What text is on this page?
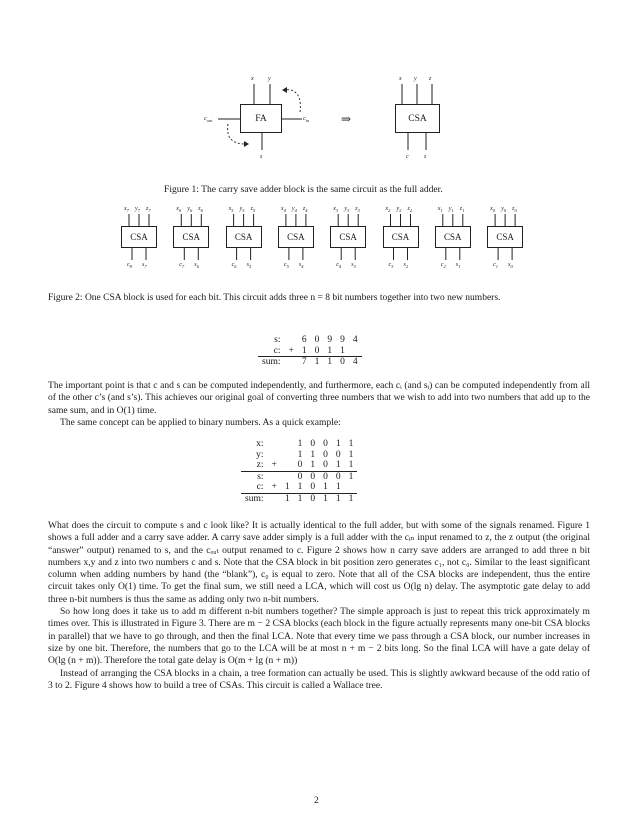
x y
FA
$c_{out}$	$c_{in}$
s
⇒
x y z
CSA
c	s
Figure 1: The carry save adder block is the same circuit as the full adder.
CSA
$x_7$ $y_7$ $z_7$
$c_8$ $s_7$
CSA
$x_6$ $y_6$ $z_6$
$c_7$ $s_6$
CSA
$x_5$ $y_5$ $z_5$
$c_6$ $s_5$
CSA
$x_4$ $y_4$ $z_4$
$c_5$ $s_4$
CSA
$x_3$ $y_3$ $z_3$
$c_4$ $s_3$
CSA
$x_2$ $y_2$ $z_2$
$c_3$ $s_2$
CSA
$x_1$ $y_1$ $z_1$
$c_2$ $s_1$
CSA
$x_0$ $y_0$ $z_0$
$c_1$ $s_0$
Figure 2: One CSA block is used for each bit. This circuit adds three n = 8 bit numbers together into two new numbers.
s:		6	0	9	9	4
c:	+	1	0	1	1	
sum:		7	1	1	0	4

The important point is that c and s can be computed independently, and furthermore, each cᵢ (and sᵢ) can be computed independently from all of the other c’s (and s’s). This achieves our original goal of converting three numbers that we wish to add into two numbers that add up to the same sum, and in O(1) time.

The same concept can be applied to binary numbers. As a quick example:

x:			1	0	0	1	1
y:			1	1	0	0	1
z:	+		0	1	0	1	1
s:			0	0	0	0	1
c:	+	1	1	0	1	1	
sum:		1	1	0	1	1	1

What does the circuit to compute s and c look like? It is actually identical to the full adder, but with some of the signals renamed. Figure 1 shows a full adder and a carry save adder. A carry save adder simply is a full adder with the cᵢₙ input renamed to z, the z output (the original “answer” output) renamed to s, and the cₒᵤₜ output renamed to c. Figure 2 shows how n carry save adders are arranged to add three n bit numbers x,y and z into two numbers c and s. Note that the CSA block in bit position zero generates c₁, not c₀. Similar to the least significant column when adding numbers by hand (the “blank”), c₀ is equal to zero. Note that all of the CSA blocks are independent, thus the entire circuit takes only O(1) time. To get the final sum, we still need a LCA, which will cost us O(lg n) delay. The asymptotic gate delay to add three n-bit numbers is thus the same as adding only two n-bit numbers.

So how long does it take us to add m different n-bit numbers together? The simple approach is just to repeat this trick approximately m times over. This is illustrated in Figure 3. There are m − 2 CSA blocks (each block in the figure actually represents many one-bit CSA blocks in parallel) that we have to go through, and then the final LCA. Note that every time we pass through a CSA block, our number increases in size by one bit. Therefore, the numbers that go to the LCA will be at most n + m − 2 bits long. So the final LCA will have a gate delay of O(lg (n + m)). Therefore the total gate delay is O(m + lg (n + m))

Instead of arranging the CSA blocks in a chain, a tree formation can actually be used. This is slightly awkward because of the odd ratio of 3 to 2. Figure 4 shows how to build a tree of CSAs. This circuit is called a Wallace tree.

2
